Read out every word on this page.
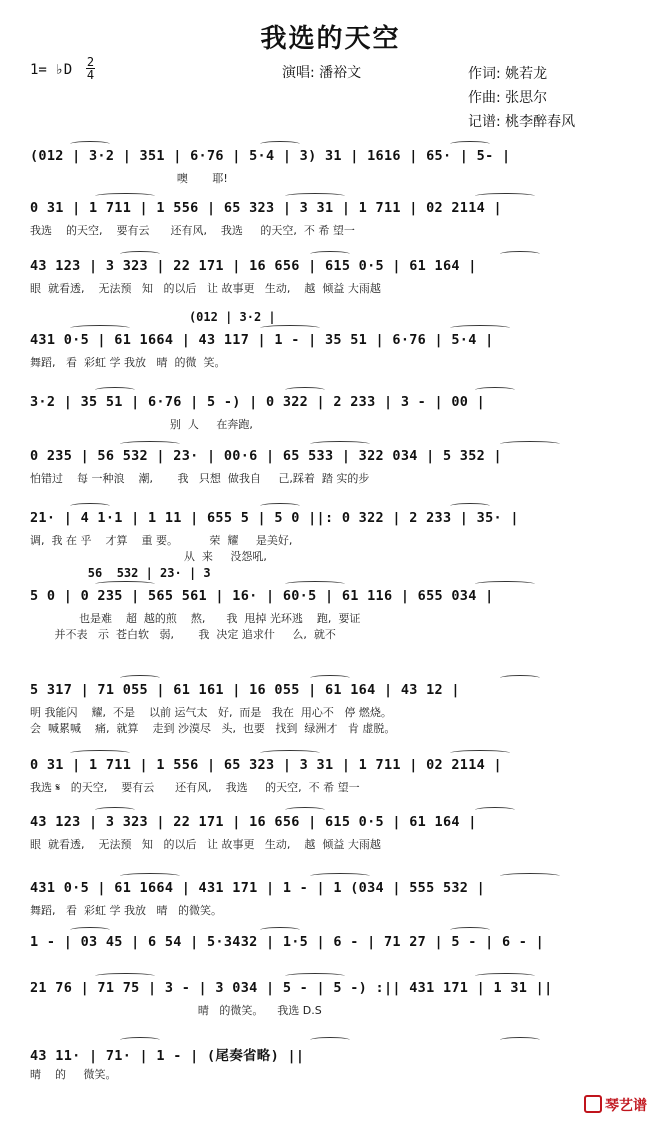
我选的天空
1= ♭D 2
4	演唱: 潘裕文	作词: 姚若龙
作曲: 张思尔
记谱: 桃李醉春风
(012 | 3·2 | 351 | 6·76 | 5·4 | 3) 31 | 1616 | 65· | 5- |
噢       耶!
0 31 | 1 711 | 1 556 | 65 323 | 3 31 | 1 711 | 02 2114 |
我选    的天空,    要有云      还有风,    我选     的天空,  不 希 望一
43 123 | 3 323 | 22 171 | 16 656 | 615 0·5 | 61 164 |
眼  就看透,    无法预   知   的以后   让 故事更   生动,    越  倾益 大雨越
(012 | 3·2 |
431 0·5 | 61 1664 | 43 117 | 1 - | 35 51 | 6·76 | 5·4 |
舞蹈,   看  彩虹 学 我放   晴  的微  笑。
3·2 | 35 51 | 6·76 | 5 -) | 0 322 | 2 233 | 3 - | 00 |
别  人     在奔跑,
0 235 | 56 532 | 23· | 00·6 | 65 533 | 322 034 | 5 352 |
怕错过    每 一种浪    潮,       我   只想  做我自     己,踩着  踏 实的步
21· | 4 1·1 | 1 11 | 655 5 | 5 0 ||: 0 322 | 2 233 | 35· |
调,  我 在 乎    才算    重 要。         荣  耀     是美好,
从  来     没怨吼,
56  532 | 23· | 3
5 0 | 0 235 | 565 561 | 16· | 60·5 | 61 116 | 655 034 |
也是难    超  越的煎    熬,      我  甩掉 光环逃    跑,  要证
并不表   示  苍白软   弱,       我  决定 追求什     么,  就不
5 317 | 71 055 | 61 161 | 16 055 | 61 164 | 43 12 |
明 我能闪    耀,  不是    以前 运气太   好,  而是   我在  用心不   停 燃烧。
会  喊累喊    痛,  就算    走到 沙漠尽   头,  也要   找到  绿洲才   肯 虚脱。
0 31 | 1 711 | 1 556 | 65 323 | 3 31 | 1 711 | 02 2114 |
我选 𝄋   的天空,    要有云      还有风,    我选     的天空,  不 希 望一
43 123 | 3 323 | 22 171 | 16 656 | 615 0·5 | 61 164 |
眼  就看透,    无法预   知   的以后   让 故事更   生动,    越  倾益 大雨越
431 0·5 | 61 1664 | 431 171 | 1 - | 1 (034 | 555 532 |
舞蹈,   看  彩虹 学 我放   晴   的微笑。
1 - | 03 45 | 6 54 | 5·3432 | 1·5 | 6 - | 71 27 | 5 - | 6 - |
21 76 | 71 75 | 3 - | 3 034 | 5 - | 5 -) :|| 431 171 | 1 31 ||
晴   的微笑。    我选 D.S
43 11· | 71· | 1 - | (尾奏省略) ||
晴    的     微笑。
琴艺谱
